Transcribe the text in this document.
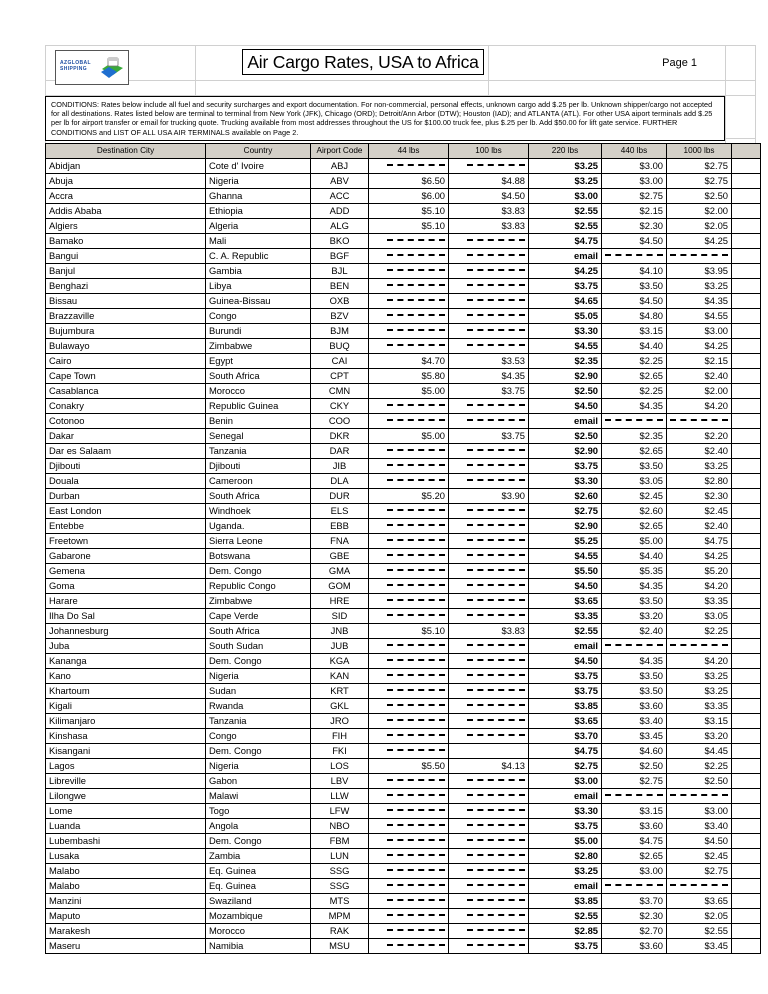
AZGLOBAL
SHIPPING	Air Cargo Rates, USA to Africa	Page 1

CONDITIONS: Rates below include all fuel and security surcharges and export documentation. For non-commercial, personal effects, unknown cargo add $.25 per lb. Unknown shipper/cargo not accepted for all destinations. Rates listed below are terminal to terminal from New York (JFK), Chicago (ORD); Detroit/Ann Arbor (DTW); Houston (IAD); and ATLANTA (ATL). For other USA aiport terminals add $.25 per lb for airport transfer or email for trucking quote. Trucking available from most addresses throughout the US for $100.00 truck fee, plus $.25 per lb. Add $50.00 for lift gate service. FURTHER CONDITIONS and LIST OF ALL USA AIR TERMINALS available on Page 2.

Destination City	Country	Airport Code	44 lbs	100 lbs	220 lbs	440 lbs	1000 lbs	
Abidjan	Cote d' Ivoire	ABJ			$3.25	$3.00	$2.75	
Abuja	Nigeria	ABV	$6.50	$4.88	$3.25	$3.00	$2.75	
Accra	Ghanna	ACC	$6.00	$4.50	$3.00	$2.75	$2.50	
Addis Ababa	Ethiopia	ADD	$5.10	$3.83	$2.55	$2.15	$2.00	
Algiers	Algeria	ALG	$5.10	$3.83	$2.55	$2.30	$2.05	
Bamako	Mali	BKO			$4.75	$4.50	$4.25	
Bangui	C. A. Republic	BGF			email			
Banjul	Gambia	BJL			$4.25	$4.10	$3.95	
Benghazi	Libya	BEN			$3.75	$3.50	$3.25	
Bissau	Guinea-Bissau	OXB			$4.65	$4.50	$4.35	
Brazzaville	Congo	BZV			$5.05	$4.80	$4.55	
Bujumbura	Burundi	BJM			$3.30	$3.15	$3.00	
Bulawayo	Zimbabwe	BUQ			$4.55	$4.40	$4.25	
Cairo	Egypt	CAI	$4.70	$3.53	$2.35	$2.25	$2.15	
Cape Town	South Africa	CPT	$5.80	$4.35	$2.90	$2.65	$2.40	
Casablanca	Morocco	CMN	$5.00	$3.75	$2.50	$2.25	$2.00	
Conakry	Republic Guinea	CKY			$4.50	$4.35	$4.20	
Cotonoo	Benin	COO			email			
Dakar	Senegal	DKR	$5.00	$3.75	$2.50	$2.35	$2.20	
Dar es Salaam	Tanzania	DAR			$2.90	$2.65	$2.40	
Djibouti	Djibouti	JIB			$3.75	$3.50	$3.25	
Douala	Cameroon	DLA			$3.30	$3.05	$2.80	
Durban	South Africa	DUR	$5.20	$3.90	$2.60	$2.45	$2.30	
East London	Windhoek	ELS			$2.75	$2.60	$2.45	
Entebbe	Uganda.	EBB			$2.90	$2.65	$2.40	
Freetown	Sierra Leone	FNA			$5.25	$5.00	$4.75	
Gabarone	Botswana	GBE			$4.55	$4.40	$4.25	
Gemena	Dem. Congo	GMA			$5.50	$5.35	$5.20	
Goma	Republic Congo	GOM			$4.50	$4.35	$4.20	
Harare	Zimbabwe	HRE			$3.65	$3.50	$3.35	
Ilha Do Sal	Cape Verde	SID			$3.35	$3.20	$3.05	
Johannesburg	South Africa	JNB	$5.10	$3.83	$2.55	$2.40	$2.25	
Juba	South Sudan	JUB			email			
Kananga	Dem. Congo	KGA			$4.50	$4.35	$4.20	
Kano	Nigeria	KAN			$3.75	$3.50	$3.25	
Khartoum	Sudan	KRT			$3.75	$3.50	$3.25	
Kigali	Rwanda	GKL			$3.85	$3.60	$3.35	
Kilimanjaro	Tanzania	JRO			$3.65	$3.40	$3.15	
Kinshasa	Congo	FIH			$3.70	$3.45	$3.20	
Kisangani	Dem. Congo	FKI			$4.75	$4.60	$4.45	
Lagos	Nigeria	LOS	$5.50	$4.13	$2.75	$2.50	$2.25	
Libreville	Gabon	LBV			$3.00	$2.75	$2.50	
Lilongwe	Malawi	LLW			email			
Lome	Togo	LFW			$3.30	$3.15	$3.00	
Luanda	Angola	NBO			$3.75	$3.60	$3.40	
Lubembashi	Dem. Congo	FBM			$5.00	$4.75	$4.50	
Lusaka	Zambia	LUN			$2.80	$2.65	$2.45	
Malabo	Eq. Guinea	SSG			$3.25	$3.00	$2.75	
Malabo	Eq. Guinea	SSG			email			
Manzini	Swaziland	MTS			$3.85	$3.70	$3.65	
Maputo	Mozambique	MPM			$2.55	$2.30	$2.05	
Marakesh	Morocco	RAK			$2.85	$2.70	$2.55	
Maseru	Namibia	MSU			$3.75	$3.60	$3.45	
